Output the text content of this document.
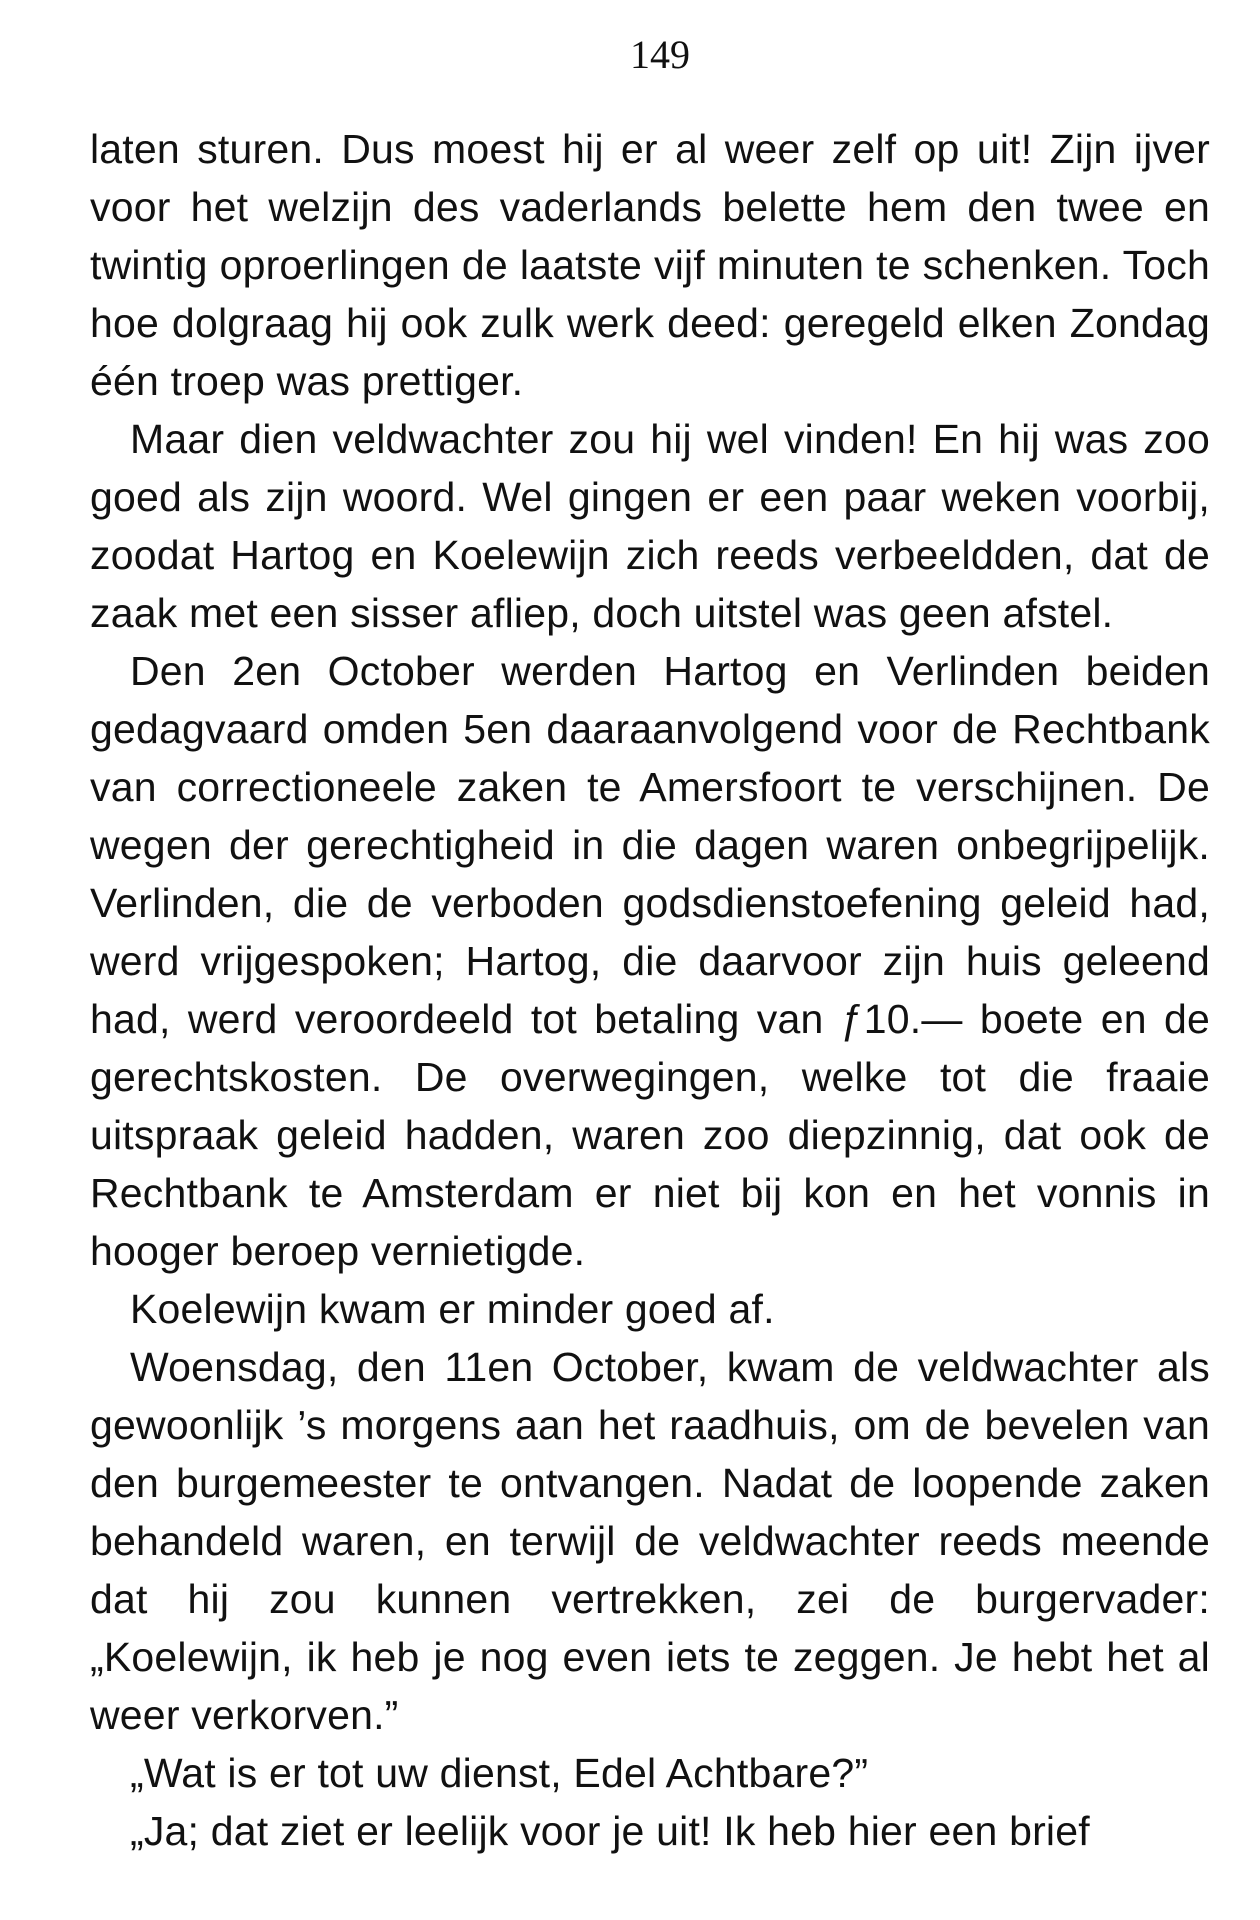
149

laten sturen. Dus moest hij er al weer zelf op uit! Zijn ijver voor het welzijn des vaderlands belette hem den twee en twintig oproerlingen de laatste vijf minuten te schenken. Toch hoe dolgraag hij ook zulk werk deed: geregeld elken Zondag één troep was prettiger.

Maar dien veldwachter zou hij wel vinden! En hij was zoo goed als zijn woord. Wel gingen er een paar weken voorbij, zoodat Hartog en Koelewijn zich reeds verbeeldden, dat de zaak met een sisser afliep, doch uitstel was geen afstel.

Den 2en October werden Hartog en Verlinden beiden gedagvaard omden 5en daaraanvolgend voor de Rechtbank van correctioneele zaken te Amersfoort te verschijnen. De wegen der gerechtigheid in die dagen waren onbegrijpelijk. Verlinden, die de verboden godsdienstoefening geleid had, werd vrijgespoken; Hartog, die daarvoor zijn huis geleend had, werd veroordeeld tot betaling van ƒ10.— boete en de gerechtskosten. De overwegingen, welke tot die fraaie uitspraak geleid hadden, waren zoo diepzinnig, dat ook de Rechtbank te Amsterdam er niet bij kon en het vonnis in hooger beroep vernietigde.

Koelewijn kwam er minder goed af.

Woensdag, den 11en October, kwam de veldwachter als gewoonlijk ’s morgens aan het raadhuis, om de bevelen van den burgemeester te ontvangen. Nadat de loopende zaken behandeld waren, en terwijl de veldwachter reeds meende dat hij zou kunnen vertrekken, zei de burgervader: „Koelewijn, ik heb je nog even iets te zeggen. Je hebt het al weer verkorven.”

„Wat is er tot uw dienst, Edel Achtbare?”

„Ja; dat ziet er leelijk voor je uit! Ik heb hier een brief
